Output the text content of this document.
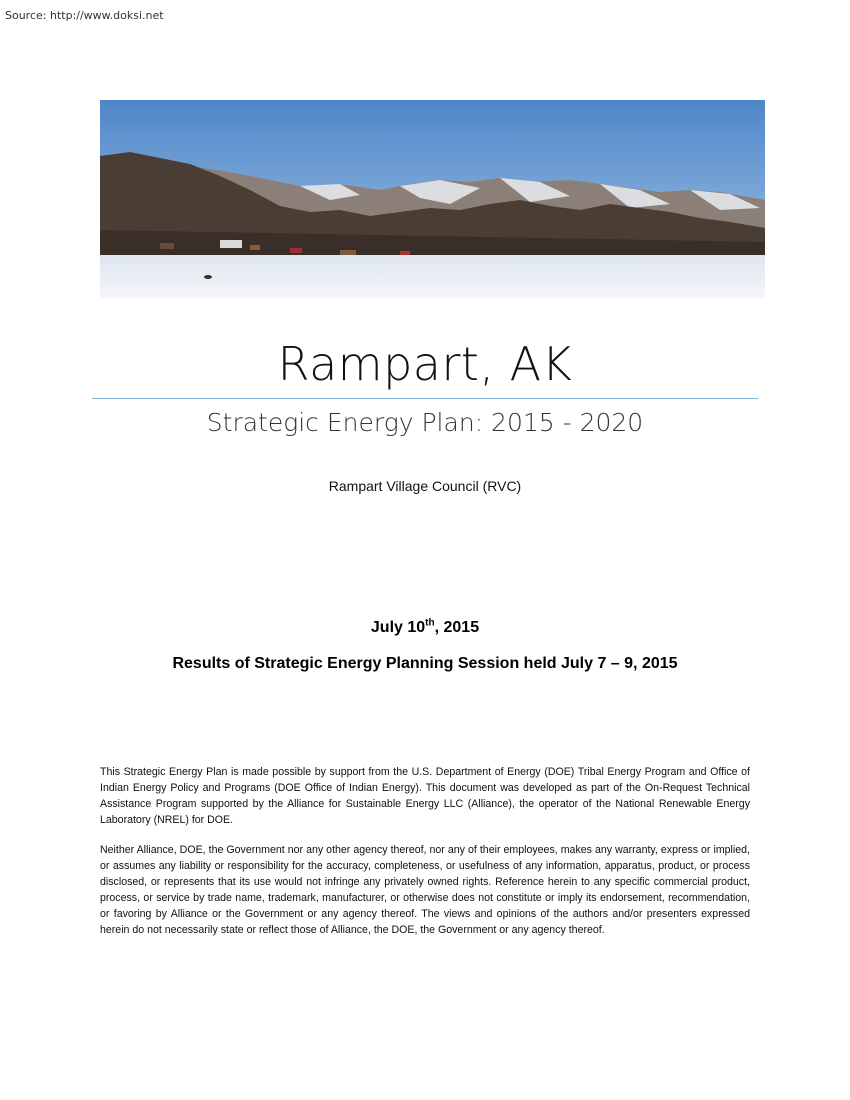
Source: http://www.doksi.net
Rampart, AK
Strategic Energy Plan: 2015 - 2020
Rampart Village Council (RVC)
July 10th, 2015
Results of Strategic Energy Planning Session held July 7 – 9, 2015
This Strategic Energy Plan is made possible by support from the U.S. Department of Energy (DOE) Tribal Energy Program and Office of Indian Energy Policy and Programs (DOE Office of Indian Energy). This document was developed as part of the On-Request Technical Assistance Program supported by the Alliance for Sustainable Energy LLC (Alliance), the operator of the National Renewable Energy Laboratory (NREL) for DOE.
Neither Alliance, DOE, the Government nor any other agency thereof, nor any of their employees, makes any warranty, express or implied, or assumes any liability or responsibility for the accuracy, completeness, or usefulness of any information, apparatus, product, or process disclosed, or represents that its use would not infringe any privately owned rights. Reference herein to any specific commercial product, process, or service by trade name, trademark, manufacturer, or otherwise does not constitute or imply its endorsement, recommendation, or favoring by Alliance or the Government or any agency thereof. The views and opinions of the authors and/or presenters expressed herein do not necessarily state or reflect those of Alliance, the DOE, the Government or any agency thereof.
